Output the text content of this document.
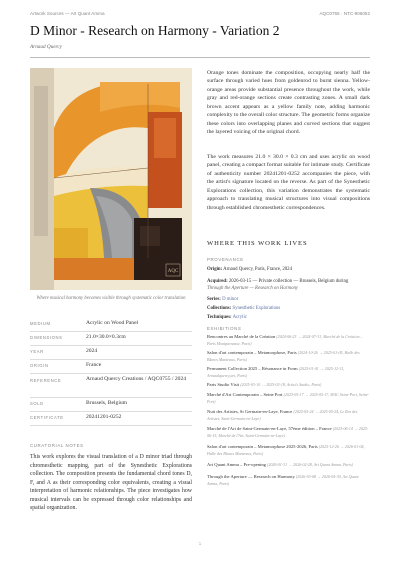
Artwork Sources — Art Quant Amma	AQC0755 · NTC-906052
D Minor - Research on Harmony - Variation 2
Arnaud Quercy
AQC
Where musical harmony becomes visible through systematic color translation
MEDIUM	Acrylic on Wood Panel
DIMENSIONS	21.0×30.0×0.3cm
YEAR	2024
ORIGIN	France
REFERENCE	Arnaud Quercy Creations / AQC0755 / 2024
SOLD	Brussels, Belgium
CERTIFICATE	20241201-0252
CURATORIAL NOTES
This work explores the visual translation of a D minor triad through chromesthetic mapping, part of the Synesthetic Explorations collection. The composition presents the fundamental chord tones D, F, and A as their corresponding color equivalents, creating a visual interpretation of harmonic relationships. The piece investigates how musical intervals can be expressed through color relationships and spatial organization.
Orange tones dominate the composition, occupying nearly half the surface through varied hues from goldenrod to burnt sienna. Yellow-orange areas provide substantial presence throughout the work, while gray and red-orange sections create contrasting zones. A small dark brown accent appears as a yellow family note, adding harmonic complexity to the overall color structure. The geometric forms organize these colors into overlapping planes and curved sections that suggest the layered voicing of the original chord.
The work measures 21.0 × 30.0 × 0.3 cm and uses acrylic on wood panel, creating a compact format suitable for intimate study. Certificate of authenticity number 20241201-0252 accompanies the piece, with the artist's signature located on the reverse. As part of the Synesthetic Explorations collection, this variation demonstrates the systematic approach to translating musical structures into visual compositions through established chromesthetic correspondences.
WHERE THIS WORK LIVES
PROVENANCE
Origin: Arnaud Quercy, Paris, France, 2024
Acquired: 2026-03-15 — Private collection — Brussels, Belgium during
Through the Aperture — Research on Harmony
Series: D minor
Collections: Synesthetic Explorations
Techniques: Acrylic
EXHIBITIONS
Rencontres au Marché de la Création (2024-06-23 → 2024-07-31, Marché de la Création – Paris Montparnasse, Paris)
Salon d'art contemporain – Metamorphose, Paris (2024-10-26 → 2025-01-05, Halle des Blancs Manteaux, Paris)
Permanent Collection 2025 – Résonance in Form (2025-01-01 → 2025-12-31, Arnaudquercy.art, Paris)
Paris Studio Visit (2025-03-10 → 2025-03-18, Artist's Studio, Paris)
Marché d'Art Contemporain – Seine Port (2025-05-17 → 2025-05-17, MAC Seine-Port, Seine-Port)
Nuit des Artistes, St Germain-en-Laye, France (2025-05-24 → 2025-05-24, Le Rex des Artistes, Saint-Germain-en-Laye)
Marché de l'Art de Saint-Germain-en-Laye, 57ème édition – France (2025-06-14 → 2025-06-15, Marché de l'Art, Saint-Germain-en-Laye)
Salon d'art contemporain – Metamorphose 2025-2026, Paris (2025-12-26 → 2026-01-04, Halle des Blancs Manteaux, Paris)
Art Quant Amma – Pre-opening (2026-01-31 → 2026-02-28, Art Quant Amma, Paris)
Through the Aperture — Research on Harmony (2026-03-08 → 2026-04-30, Art Quant Amma, Paris)
1
